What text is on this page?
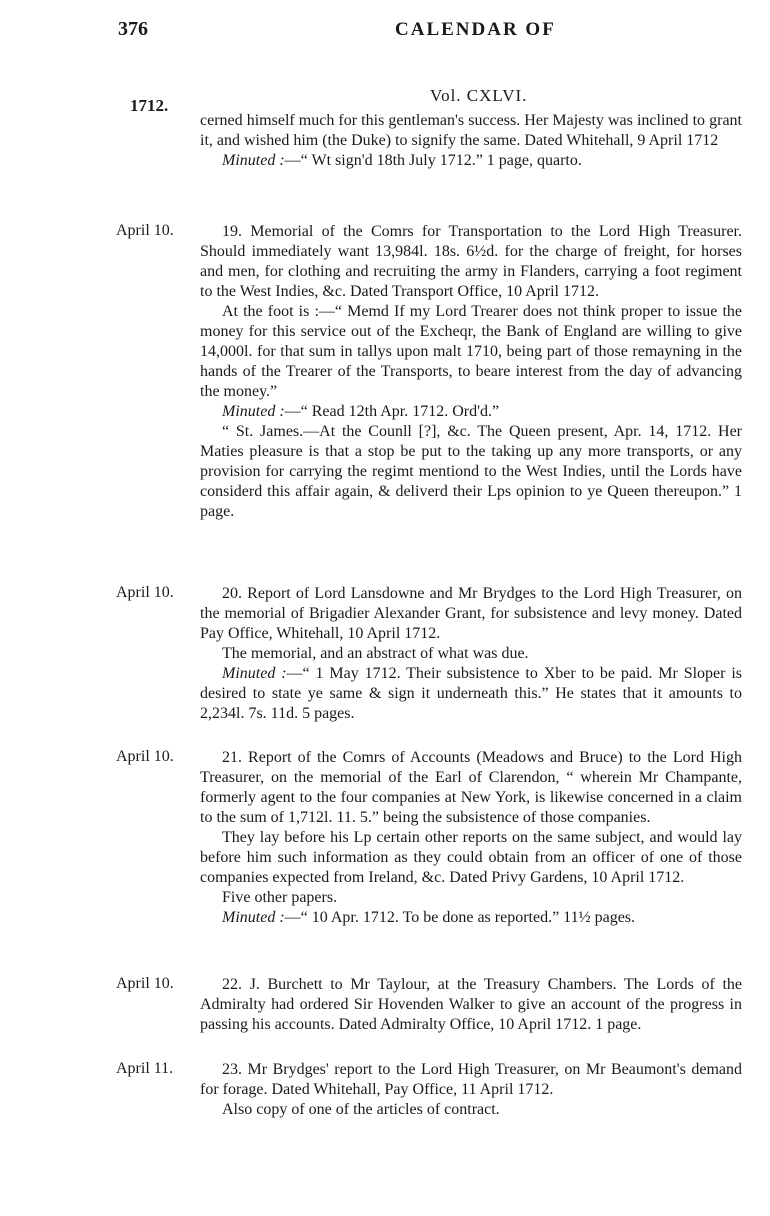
376	CALENDAR OF
Vol. CXLVI.
1712.

cerned himself much for this gentleman's success. Her Majesty was inclined to grant it, and wished him (the Duke) to signify the same. Dated Whitehall, 9 April 1712

Minuted :—“ Wt sign'd 18th July 1712.” 1 page, quarto.

April 10.	19. Memorial of the Comrs for Transportation to the Lord High Treasurer. Should immediately want 13,984l. 18s. 6½d. for the charge of freight, for horses and men, for clothing and recruiting the army in Flanders, carrying a foot regiment to the West Indies, &c. Dated Transport Office, 10 April 1712.

At the foot is :—“ Memd If my Lord Trearer does not think proper to issue the money for this service out of the Excheqr, the Bank of England are willing to give 14,000l. for that sum in tallys upon malt 1710, being part of those remayning in the hands of the Trearer of the Transports, to beare interest from the day of advancing the money.”

Minuted :—“ Read 12th Apr. 1712. Ord'd.”

“ St. James.—At the Counll [?], &c. The Queen present, Apr. 14, 1712. Her Maties pleasure is that a stop be put to the taking up any more transports, or any provision for carrying the regimt mentiond to the West Indies, until the Lords have considerd this affair again, & deliverd their Lps opinion to ye Queen thereupon.” 1 page.

April 10.	20. Report of Lord Lansdowne and Mr Brydges to the Lord High Treasurer, on the memorial of Brigadier Alexander Grant, for subsistence and levy money. Dated Pay Office, Whitehall, 10 April 1712.

The memorial, and an abstract of what was due.

Minuted :—“ 1 May 1712. Their subsistence to Xber to be paid. Mr Sloper is desired to state ye same & sign it underneath this.” He states that it amounts to 2,234l. 7s. 11d. 5 pages.

April 10.	21. Report of the Comrs of Accounts (Meadows and Bruce) to the Lord High Treasurer, on the memorial of the Earl of Clarendon, “ wherein Mr Champante, formerly agent to the four companies at New York, is likewise concerned in a claim to the sum of 1,712l. 11. 5.” being the subsistence of those companies.

They lay before his Lp certain other reports on the same subject, and would lay before him such information as they could obtain from an officer of one of those companies expected from Ireland, &c. Dated Privy Gardens, 10 April 1712.

Five other papers.

Minuted :—“ 10 Apr. 1712. To be done as reported.” 11½ pages.

April 10.	22. J. Burchett to Mr Taylour, at the Treasury Chambers. The Lords of the Admiralty had ordered Sir Hovenden Walker to give an account of the progress in passing his accounts. Dated Admiralty Office, 10 April 1712. 1 page.

April 11.	23. Mr Brydges' report to the Lord High Treasurer, on Mr Beaumont's demand for forage. Dated Whitehall, Pay Office, 11 April 1712.

Also copy of one of the articles of contract.
